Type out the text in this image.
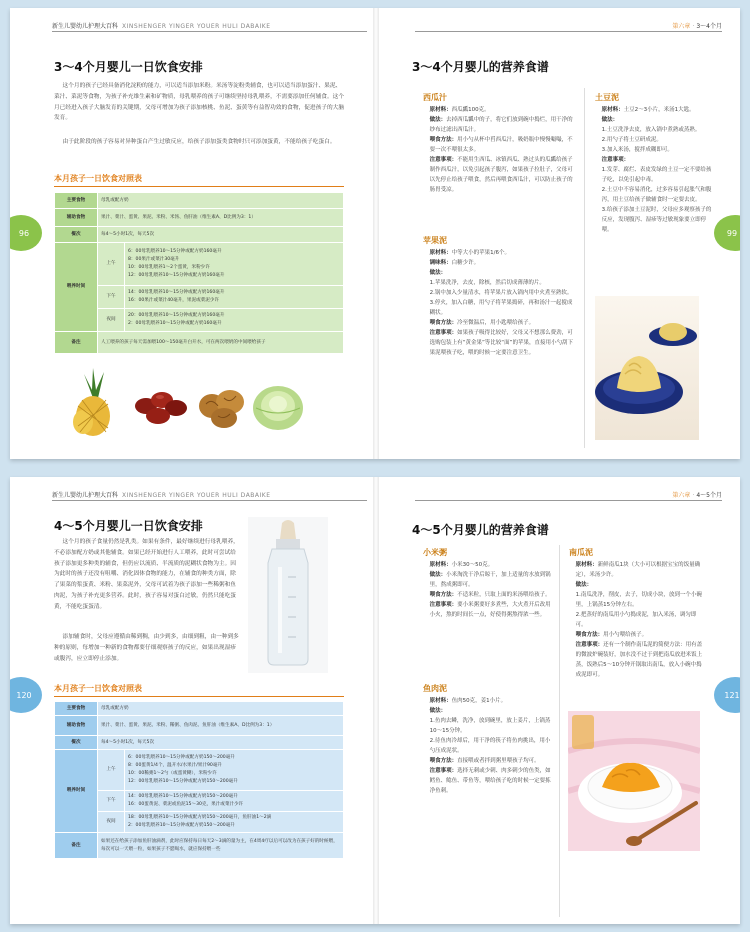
新生儿婴幼儿护理大百科 XINSHENGER YINGER YOUER HULI DABAIKE	第六章 · 3～4个月
96	99
3～4个月婴儿一日饮食安排

这个月的孩子已经具备消化淀粉的能力，可以适当添加米粉。米汤等淀粉类辅食，也可以适当添加蛋汁、果泥、菜汁、菜泥等食物，为孩子补充维生素和矿物质，母乳喂养的孩子可继续坚持母乳喂养，不需要添加任何辅食。这个月已经进入孩子大脑发育的关键期，父母可增加为孩子添加核桃、鱼泥、蛋黄等有益智功效的食物，促进孩子的大脑发育。

由于此阶段的孩子容易对异种蛋白产生过敏反应，给孩子添加蛋类食物时只可添加蛋黄，不能给孩子吃蛋白。

本月孩子一日饮食对照表
主要食物	母乳或配方奶	
辅助食物	果汁、菜汁、蛋黄、果泥、米粉、米汤、鱼肝油（维生素A、D比例为3：1）	
餐次	每4～5小时1次，每天5次	
喂养时间	上午	6：00母乳喂养10～15分钟或配方奶160毫升
8：00果汁或菜汁30毫升
10：00母乳喂养1～2个蛋黄，米粉少许
12：00母乳喂养10～15分钟或配方奶160毫升

	下午	14：00母乳喂养10～15分钟或配方奶160毫升
16：00果汁或菜汁40毫升，果泥或菜泥少许

	夜间	20：00母乳喂养10～15分钟或配方奶160毫升
2：00母乳喂养10～15分钟或配方奶160毫升

备注	人工喂养的孩子每天需加喂100～150毫升白开水，可在两次喂奶的中间喂给孩子	
3～4个月婴儿的营养食谱
西瓜汁

原材料：西瓜瓤100克。

做法：去掉西瓜瓤中的子，将它们放到碗中捣烂，用干净的纱布过滤出西瓜汁。

喂食方法：用小勺从杯中舀西瓜汁，吸奶瓶中慢慢嘬嘬，不要一次不喂很太多。

注意事项：不能用生西瓜、冰镇西瓜、熟过头的瓜瓤给孩子制作西瓜汁，以免引起孩子腹泻，如果孩子拉肚子，父母可以先停止给孩子喂食，然后再喂食西瓜汁，可以防止孩子的肠胃受凉。

苹果泥

原材料：中等大小的苹果1/6个。

调味料：白糖少许。

做法：

1.苹果洗净，去皮，除核，然后切成薄薄的片。

2.锅中加入少量清水，将苹果片放入锅内用中火煮至熟软。

3.停火，加入白糖，用勺子将苹果捣碎，再和汤汁一起搅成糊状。

喂食方法：冷至微温后，用小匙喂给孩子。

注意事项：如果孩子吸得比较好，父母又不想那么费劲，可选购包装上有“黄金果”等比较“面”的苹果，直接用小勺刮下果泥喂孩子吃，喂的时候一定要注意卫生。

土豆泥

原材料：土豆2～3小片，米汤1大匙。

做法：

1.土豆洗净去皮，放入锅中煮熟或蒸熟。

2.用勺子将土豆研成泥。

3.加入米汤，搅拌成糊即可。

注意事项：

1.发芽、腐烂、表皮发绿的土豆一定不要给孩子吃，以免引起中毒。

2.土豆中不容易消化，过多容易引起胀气和腹泻，用土豆给孩子做辅食时一定要去皮。

3.给孩子添加土豆泥时，父母应多观察孩子的反应，发现腹泻、湿疹等过敏现象要立即停喂。

新生儿婴幼儿护理大百科 XINSHENGER YINGER YOUER HULI DABAIKE	第六章 · 4～5个月
120	121
4～5个月婴儿一日饮食安排

这个月的孩子食量仍然是乳类。如果有条件，最好继续进行母乳喂养，不必添加配方奶或其他辅食。如果已经开始进行人工喂养，此时可尝试给孩子添加更多种类的辅食，但仍应以流质、半流质的泥糊状食物为主。因为此时的孩子还没有咀嚼、消化固体食物的能力，在辅食的种类方面，除了果菜的浆蛋黄、米粉、果菜泥外，父母可试着为孩子添加一些稀粥和鱼肉泥，为孩子补充更多营养。此时，孩子容易对蛋白过敏，仍然只能吃蛋黄，不能吃蛋蛋清。

添加辅食时，父母应遵循由稀到稠，由少到多，由细到粗，由一种到多种的原则，每增加一种新的食物都要仔细观察孩子的反应，如果出现湿疹或腹泻，应立即停止添加。

本月孩子一日饮食对照表
主要食物	母乳或配方奶	
辅助食物	果汁、菜汁、蛋黄、果泥、米粉、稀粥、鱼肉泥、鱼肝油（维生素A、D比例为3：1）	
餐次	每4～5小时1次，每天5次	
喂养时间	上午	6：00母乳喂养10～15分钟或配方奶150～200毫升
8：00蛋黄1/4个，温开水/水果汁/果汁90毫升
10：00稀粥1～2勺（或蛋黄糊），米粉少许
12：00母乳喂养10～15分钟或配方奶150～200毫升

	下午	14：00母乳喂养10～15分钟或配方奶150～200毫升
16：00蛋黄泥、菜泥或鱼泥15～30克，果汁或菜汁少许

	夜间	18：00母乳喂养10～15分钟或配方奶150～200毫升，鱼肝油1～2滴
2：00母乳喂养10～15分钟或配方奶150～200毫升

备注	如果还在给孩子添加鱼肝油滴剂，此时应保持每日每天2～3滴的量为主，在4周4疗以后可以改为在孩子好的时候喂，每次可以一天喂一粒，如果孩子不愿喝水，就应保持喂一些	
4～5个月婴儿的营养食谱
小米粥

原材料：小米30～50克。

做法：小米淘洗干净后晾干，加上适量的水放到锅里，熬成粥即可。

喂食方法：不适米粒，只取上面的米汤喂给孩子。

注意事项：要小米粥要好多煮些，大火煮开后改用小火，熬的时间长一点，好使得粥熬得浓一些。

鱼肉泥

原材料：鱼肉50克，姜1小片。

做法：

1.鱼肉去鳞，洗净，放到碗里，放上姜片，上锅蒸10～15分钟。

2.待鱼肉冷却后，用干净的筷子将鱼肉挑出，用小勺压成泥状。

喂食方法：直接喂或者拌到粥里喂孩子均可。

注意事项：选择无刺或少刺、肉多刺少的鱼类，如鳕鱼、鲶鱼、带鱼等，喂给孩子吃的时候一定要拣净鱼刺。

南瓜泥

原材料：新鲜南瓜1块（大小可以根据宝宝的饭量确定），米汤少许。

做法：

1.南瓜洗净，削皮，去子，切成小块，放到一个小碗里，上锅蒸15分钟左右。

2.把蒸好的南瓜用小勺捣成泥，加入米汤，调匀即可。

喂食方法：用小勺喂给孩子。

注意事项：还有一个制作南瓜泥的简便方法：用有盖的微波炉碗装好，加水没不过于到把南瓜放进米饭上蒸，饭熟后5～10分钟开锅取出南瓜，放入小碗中捣成泥即可。
